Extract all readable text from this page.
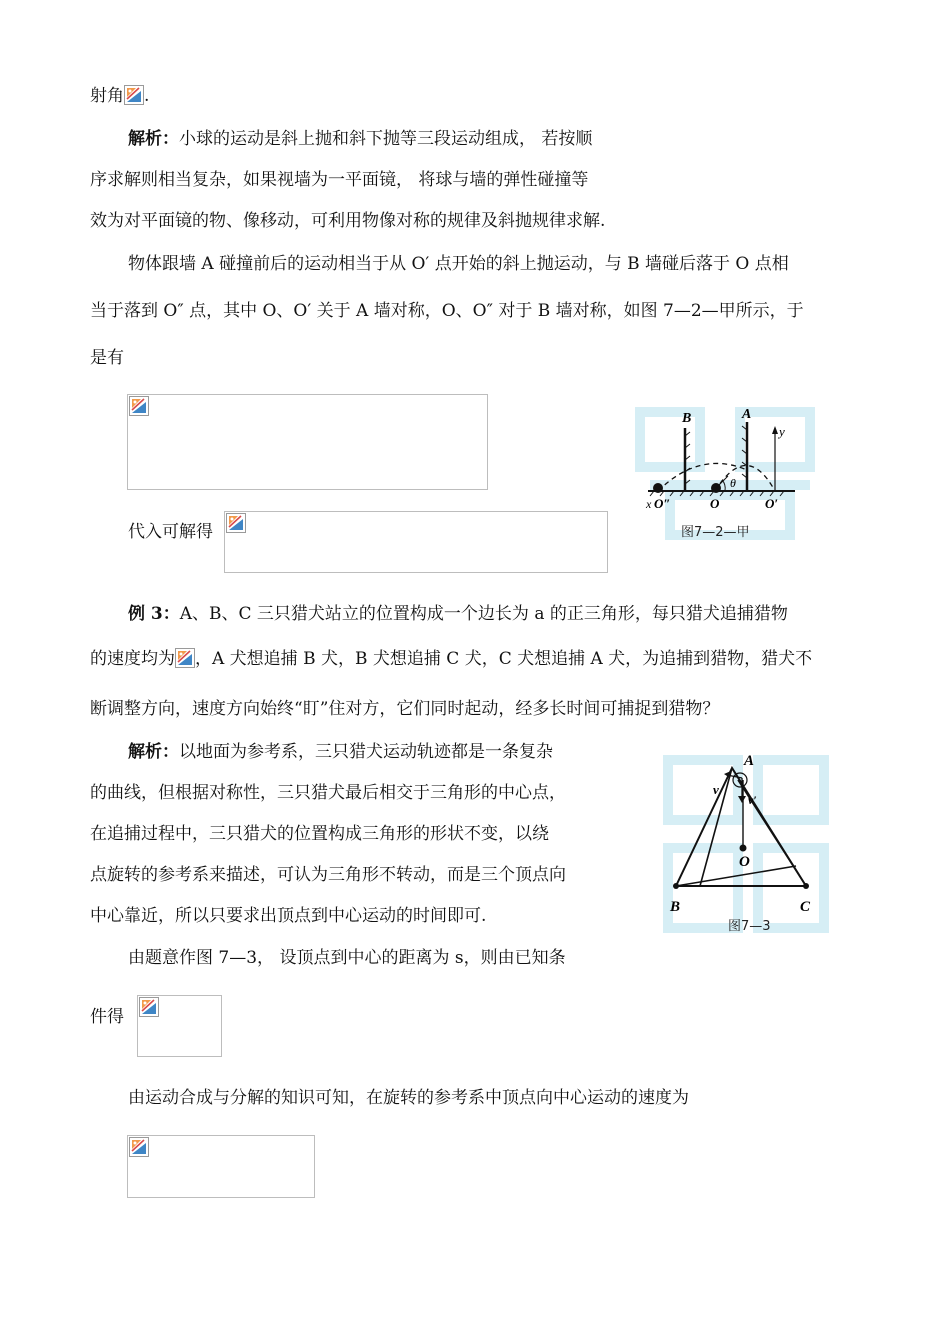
射角 .
解析：小球的运动是斜上抛和斜下抛等三段运动组成， 若按顺
序求解则相当复杂，如果视墙为一平面镜， 将球与墙的弹性碰撞等
效为对平面镜的物、像移动，可利用物像对称的规律及斜抛规律求解.
物体跟墙 A 碰撞前后的运动相当于从 O′ 点开始的斜上抛运动，与 B 墙碰后落于 O 点相
当于落到 O″ 点，其中 O、O′ 关于 A 墙对称，O、O″ 对于 B 墙对称，如图 7—2—甲所示，于
是有
代入可解得
B	A
y
x O″	O	O′
θ
图7—2—甲
例 3：A、B、C 三只猎犬站立的位置构成一个边长为 a 的正三角形，每只猎犬追捕猎物
的速度均为 ，A 犬想追捕 B 犬，B 犬想追捕 C 犬，C 犬想追捕 A 犬，为追捕到猎物，猎犬不
断调整方向，速度方向始终“盯”住对方，它们同时起动，经多长时间可捕捉到猎物？
解析：以地面为参考系，三只猎犬运动轨迹都是一条复杂
的曲线，但根据对称性，三只猎犬最后相交于三角形的中心点，
在追捕过程中，三只猎犬的位置构成三角形的形状不变，以绕
点旋转的参考系来描述，可认为三角形不转动，而是三个顶点向
中心靠近，所以只要求出顶点到中心运动的时间即可.
由题意作图 7—3， 设顶点到中心的距离为 s，则由已知条
A
B	C
O
v
v′
图7—3
件得
由运动合成与分解的知识可知，在旋转的参考系中顶点向中心运动的速度为
